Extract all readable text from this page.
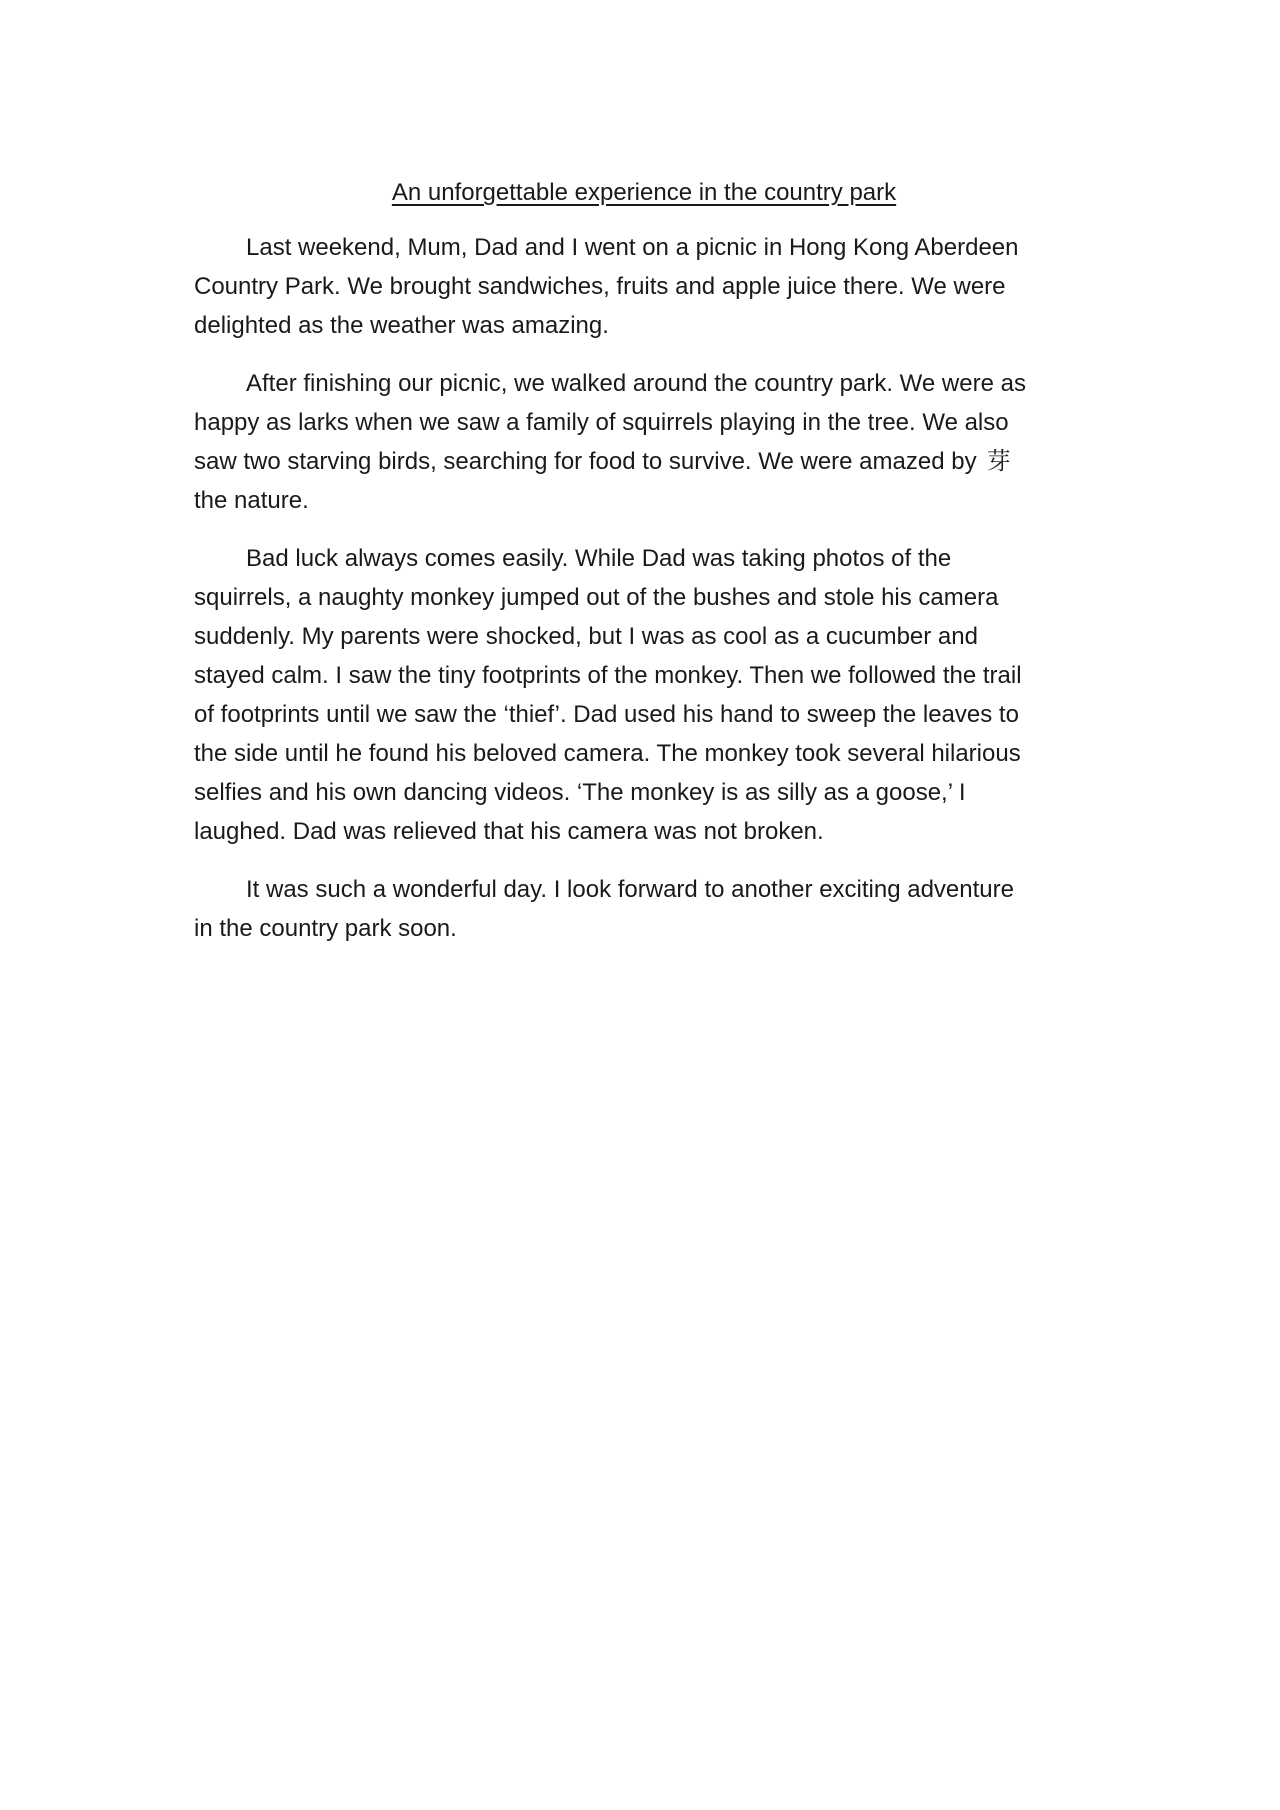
An unforgettable experience in the country park

Last weekend, Mum, Dad and I went on a picnic in Hong Kong Aberdeen
Country Park. We brought sandwiches, fruits and apple juice there. We were
delighted as the weather was amazing.

After finishing our picnic, we walked around the country park. We were as
happy as larks when we saw a family of squirrels playing in the tree. We also
saw two starving birds, searching for food to survive. We were amazed by 芽
the nature.

Bad luck always comes easily. While Dad was taking photos of the
squirrels, a naughty monkey jumped out of the bushes and stole his camera
suddenly. My parents were shocked, but I was as cool as a cucumber and
stayed calm. I saw the tiny footprints of the monkey. Then we followed the trail
of footprints until we saw the ‘thief’. Dad used his hand to sweep the leaves to
the side until he found his beloved camera. The monkey took several hilarious
selfies and his own dancing videos. ‘The monkey is as silly as a goose,’ I
laughed. Dad was relieved that his camera was not broken.

It was such a wonderful day. I look forward to another exciting adventure
in the country park soon.
